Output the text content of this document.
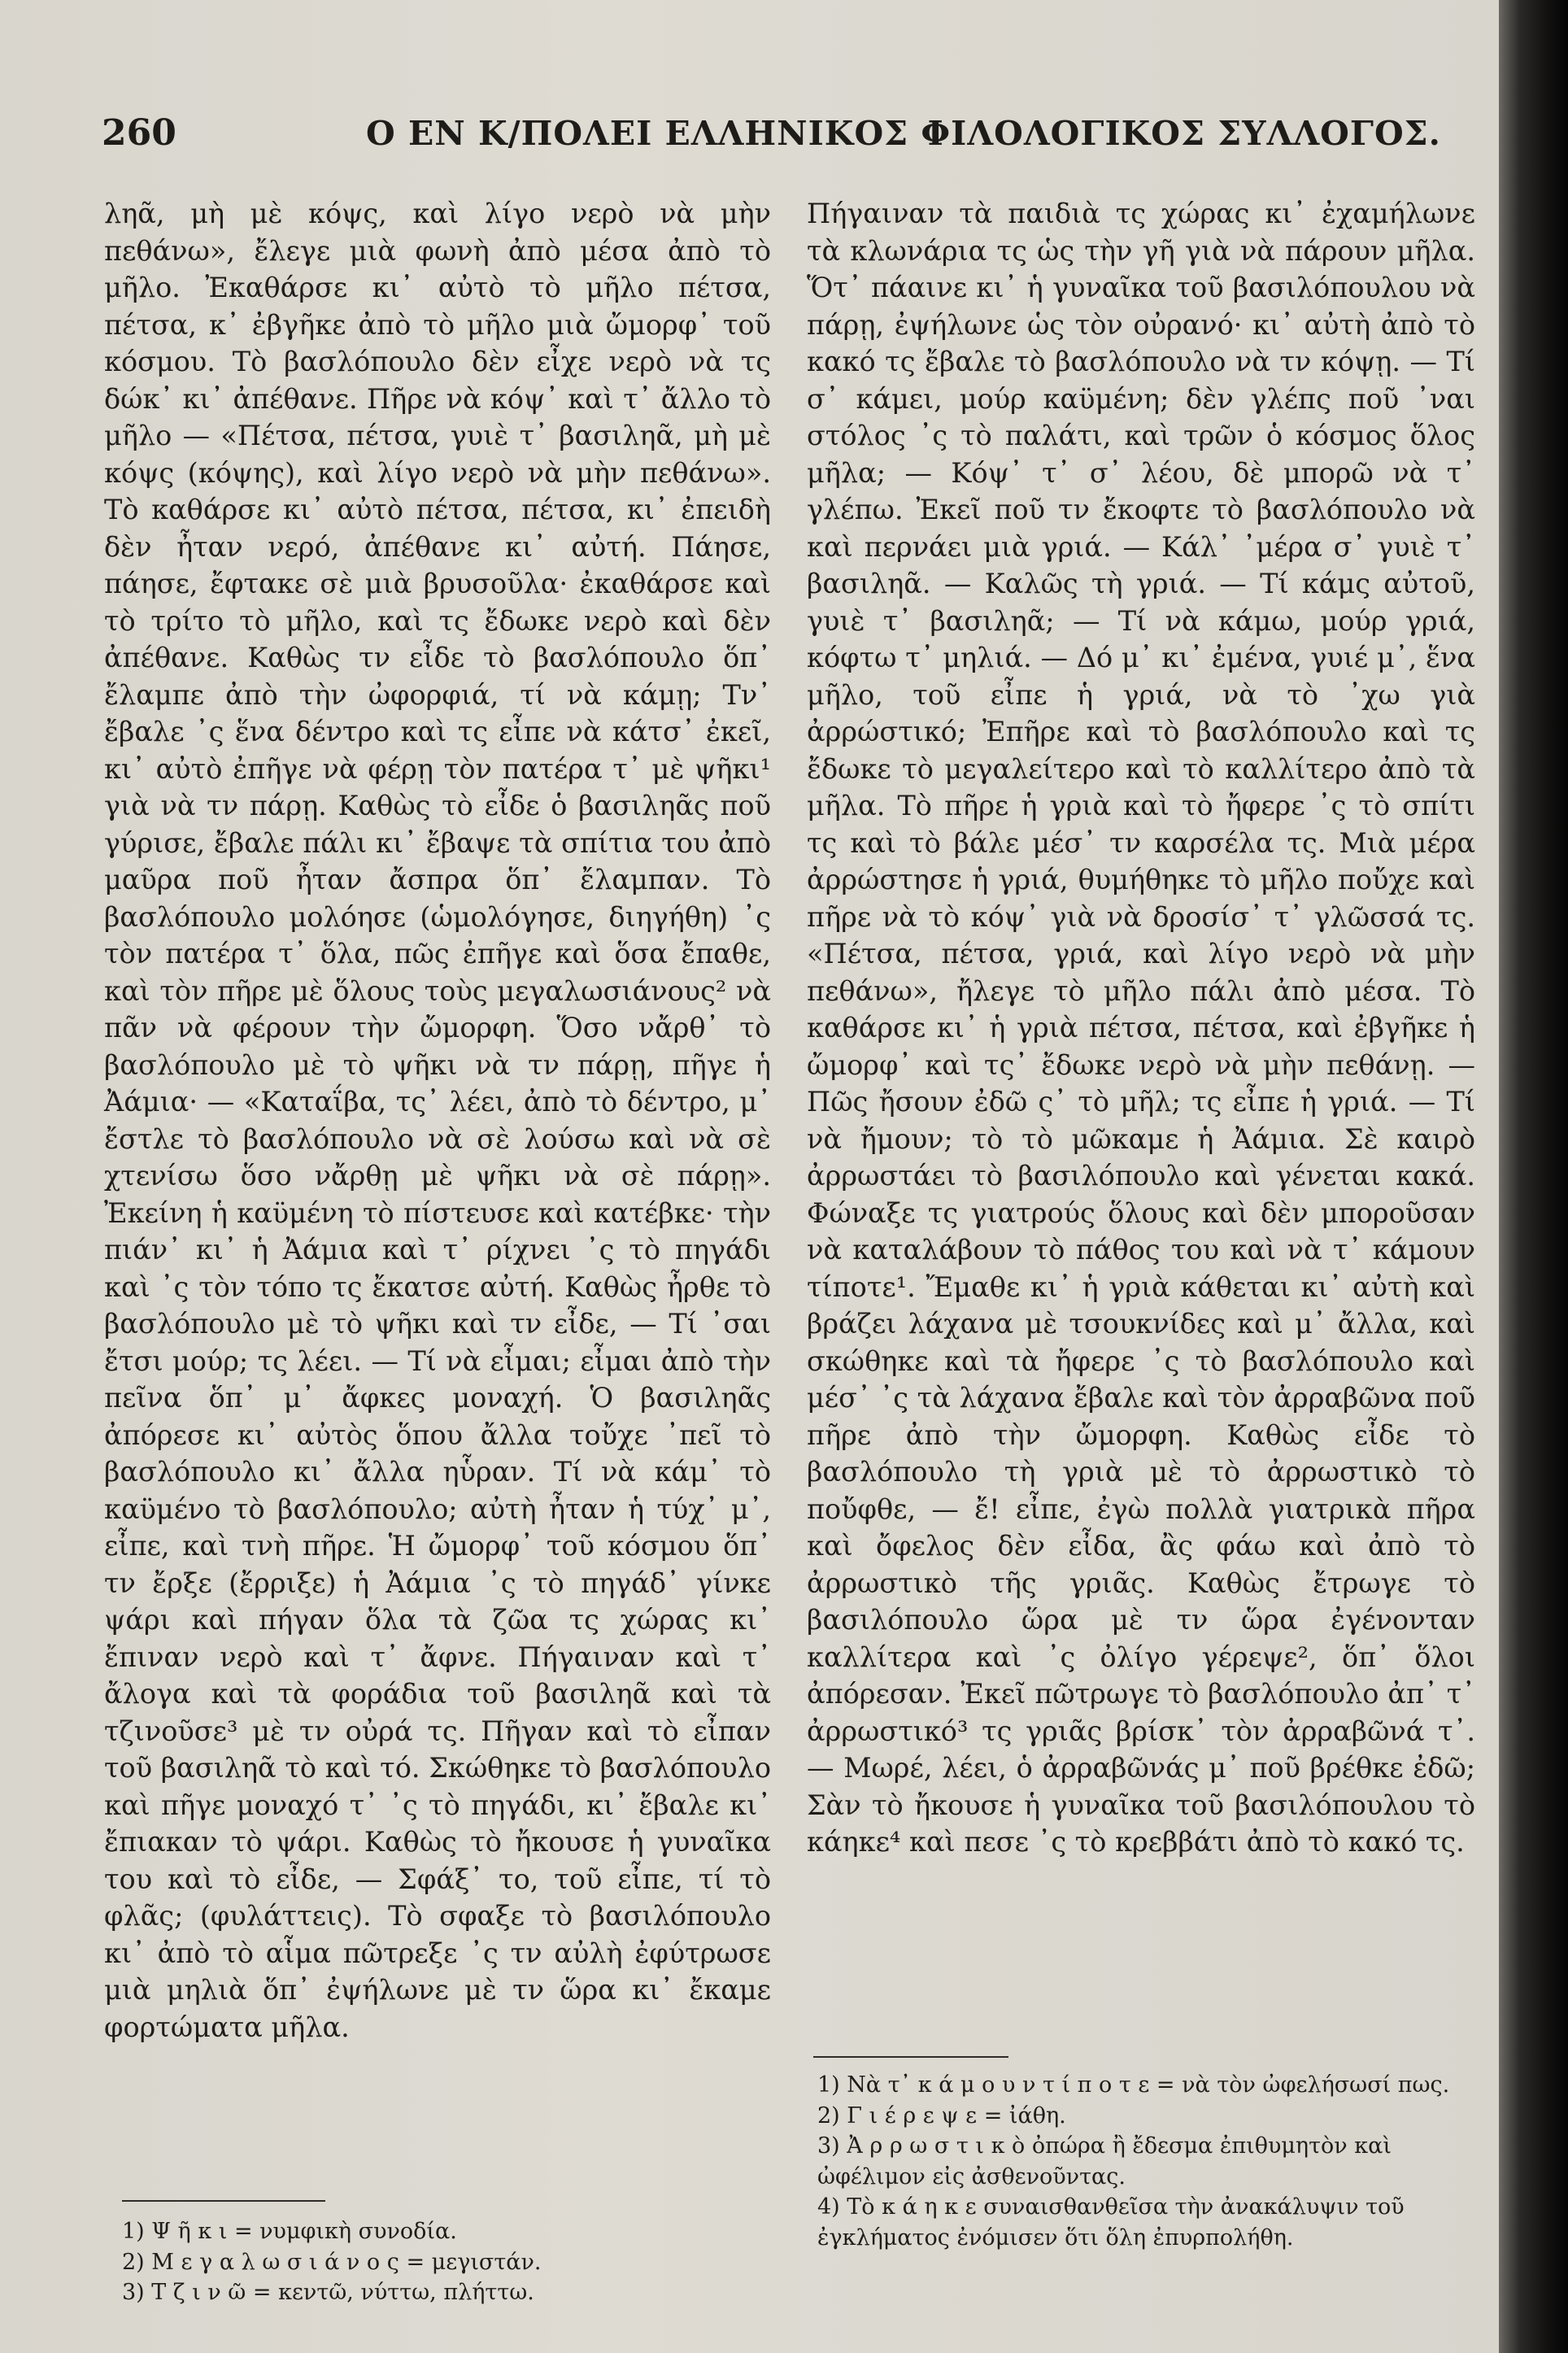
260	Ο ΕΝ Κ/ΠΟΛΕΙ ΕΛΛΗΝΙΚΟΣ ΦΙΛΟΛΟΓΙΚΟΣ ΣΥΛΛΟΓΟΣ.

ληᾶ, μὴ μὲ κόψς, καὶ λίγο νερὸ νὰ μὴν πεθάνω», ἔλεγε μιὰ φωνὴ ἀπὸ μέσα ἀπὸ τὸ μῆλο. Ἐκαθάρσε κι᾿ αὐτὸ τὸ μῆλο πέτσα, πέτσα, κ᾿ ἐβγῆκε ἀπὸ τὸ μῆλο μιὰ ὤμορφ᾿ τοῦ κόσμου. Τὸ βασλόπουλο δὲν εἶχε νερὸ νὰ τς δώκ᾿ κι᾿ ἀπέθανε. Πῆρε νὰ κόψ᾿ καὶ τ᾿ ἄλλο τὸ μῆλο — «Πέτσα, πέτσα, γυιὲ τ᾿ βασιληᾶ, μὴ μὲ κόψς (κόψης), καὶ λίγο νερὸ νὰ μὴν πεθάνω». Τὸ καθάρσε κι᾿ αὐτὸ πέτσα, πέτσα, κι᾿ ἐπειδὴ δὲν ἦταν νερό, ἀπέθανε κι᾿ αὐτή. Πάησε, πάησε, ἔφτακε σὲ μιὰ βρυσοῦλα· ἐκαθάρσε καὶ τὸ τρίτο τὸ μῆλο, καὶ τς ἔδωκε νερὸ καὶ δὲν ἀπέθανε. Καθὼς τν εἶδε τὸ βασλόπουλο ὅπ᾿ ἔλαμπε ἀπὸ τὴν ὠφορφιά, τί νὰ κάμῃ; Τν᾿ ἔβαλε ᾽ς ἕνα δέντρο καὶ τς εἶπε νὰ κάτσ᾿ ἐκεῖ, κι᾿ αὐτὸ ἐπῆγε νὰ φέρῃ τὸν πατέρα τ᾿ μὲ ψῆκι¹ γιὰ νὰ τν πάρῃ. Καθὼς τὸ εἶδε ὁ βασιληᾶς ποῦ γύρισε, ἔβαλε πάλι κι᾿ ἔβαψε τὰ σπίτια του ἀπὸ μαῦρα ποῦ ἦταν ἄσπρα ὅπ᾿ ἔλαμπαν. Τὸ βασλόπουλο μολόησε (ὡμολόγησε, διηγήθη) ᾽ς τὸν πατέρα τ᾿ ὅλα, πῶς ἐπῆγε καὶ ὅσα ἔπαθε, καὶ τὸν πῆρε μὲ ὅλους τοὺς μεγαλωσιάνους² νὰ πᾶν νὰ φέρουν τὴν ὤμορφη. Ὅσο νἄρθ᾿ τὸ βασλόπουλο μὲ τὸ ψῆκι νὰ τν πάρῃ, πῆγε ἡ Ἀάμια· — «Καταΐβα, τς᾿ λέει, ἀπὸ τὸ δέντρο, μ᾿ ἔστλε τὸ βασλόπουλο νὰ σὲ λούσω καὶ νὰ σὲ χτενίσω ὅσο νἄρθῃ μὲ ψῆκι νὰ σὲ πάρῃ». Ἐκείνη ἡ καϋμένη τὸ πίστευσε καὶ κατέβκε· τὴν πιάν᾿ κι᾿ ἡ Ἀάμια καὶ τ᾿ ρίχνει ᾽ς τὸ πηγάδι καὶ ᾽ς τὸν τόπο τς ἔκατσε αὐτή. Καθὼς ἦρθε τὸ βασλόπουλο μὲ τὸ ψῆκι καὶ τν εἶδε, — Τί ᾽σαι ἔτσι μούρ; τς λέει. — Τί νὰ εἶμαι; εἶμαι ἀπὸ τὴν πεῖνα ὅπ᾿ μ᾿ ἄφκες μοναχή. Ὁ βασιληᾶς ἀπόρεσε κι᾿ αὐτὸς ὅπου ἄλλα τοὔχε ᾽πεῖ τὸ βασλόπουλο κι᾿ ἄλλα ηὗραν. Τί νὰ κάμ᾿ τὸ καϋμένο τὸ βασλόπουλο; αὐτὴ ἦταν ἡ τύχ᾿ μ᾿, εἶπε, καὶ τνὴ πῆρε. Ἡ ὤμορφ᾿ τοῦ κόσμου ὅπ᾿ τν ἔρξε (ἔρριξε) ἡ Ἀάμια ᾽ς τὸ πηγάδ᾿ γίνκε ψάρι καὶ πήγαν ὅλα τὰ ζῶα τς χώρας κι᾿ ἔπιναν νερὸ καὶ τ᾿ ἄφνε. Πήγαιναν καὶ τ᾿ ἄλογα καὶ τὰ φοράδια τοῦ βασιληᾶ καὶ τὰ τζινοῦσε³ μὲ τν οὐρά τς. Πῆγαν καὶ τὸ εἶπαν τοῦ βασιληᾶ τὸ καὶ τό. Σκώθηκε τὸ βασλόπουλο καὶ πῆγε μοναχό τ᾿ ᾽ς τὸ πηγάδι, κι᾿ ἔβαλε κι᾿ ἔπιακαν τὸ ψάρι. Καθὼς τὸ ἤκουσε ἡ γυναῖκα του καὶ τὸ εἶδε, — Σφάξ᾿ το, τοῦ εἶπε, τί τὸ φλᾶς; (φυλάττεις). Τὸ σφαξε τὸ βασιλόπουλο κι᾿ ἀπὸ τὸ αἷμα πῶτρεξε ᾽ς τν αὐλὴ ἐφύτρωσε μιὰ μηλιὰ ὅπ᾿ ἐψήλωνε μὲ τν ὥρα κι᾿ ἔκαμε φορτώματα μῆλα.

Πήγαιναν τὰ παιδιὰ τς χώρας κι᾿ ἐχαμήλωνε τὰ κλωνάρια τς ὡς τὴν γῆ γιὰ νὰ πάρουν μῆλα. Ὅτ᾿ πάαινε κι᾿ ἡ γυναῖκα τοῦ βασιλόπουλου νὰ πάρῃ, ἐψήλωνε ὡς τὸν οὐρανό· κι᾿ αὐτὴ ἀπὸ τὸ κακό τς ἔβαλε τὸ βασλόπουλο νὰ τν κόψῃ. — Τί σ᾿ κάμει, μούρ καϋμένη; δὲν γλέπς ποῦ ᾽ναι στόλος ᾽ς τὸ παλάτι, καὶ τρῶν ὁ κόσμος ὅλος μῆλα; — Κόψ᾿ τ᾿ σ᾿ λέου, δὲ μπορῶ νὰ τ᾿ γλέπω. Ἐκεῖ ποῦ τν ἔκοφτε τὸ βασλόπουλο νὰ καὶ περνάει μιὰ γριά. — Κάλ᾿ ᾽μέρα σ᾿ γυιὲ τ᾿ βασιληᾶ. — Καλῶς τὴ γριά. — Τί κάμς αὐτοῦ, γυιὲ τ᾿ βασιληᾶ; — Τί νὰ κάμω, μούρ γριά, κόφτω τ᾿ μηλιά. — Δό μ᾿ κι᾿ ἐμένα, γυιέ μ᾿, ἕνα μῆλο, τοῦ εἶπε ἡ γριά, νὰ τὸ ᾽χω γιὰ ἀρρώστικό; Ἐπῆρε καὶ τὸ βασλόπουλο καὶ τς ἔδωκε τὸ μεγαλείτερο καὶ τὸ καλλίτερο ἀπὸ τὰ μῆλα. Τὸ πῆρε ἡ γριὰ καὶ τὸ ἤφερε ᾽ς τὸ σπίτι τς καὶ τὸ βάλε μέσ᾿ τν καρσέλα τς. Μιὰ μέρα ἀρρώστησε ἡ γριά, θυμήθηκε τὸ μῆλο ποὔχε καὶ πῆρε νὰ τὸ κόψ᾿ γιὰ νὰ δροσίσ᾿ τ᾿ γλῶσσά τς. «Πέτσα, πέτσα, γριά, καὶ λίγο νερὸ νὰ μὴν πεθάνω», ἤλεγε τὸ μῆλο πάλι ἀπὸ μέσα. Τὸ καθάρσε κι᾿ ἡ γριὰ πέτσα, πέτσα, καὶ ἐβγῆκε ἡ ὤμορφ᾿ καὶ τς᾿ ἔδωκε νερὸ νὰ μὴν πεθάνῃ. — Πῶς ἤσουν ἐδῶ ς᾿ τὸ μῆλ; τς εἶπε ἡ γριά. — Τί νὰ ἤμουν; τὸ τὸ μῶκαμε ἡ Ἀάμια. Σὲ καιρὸ ἀρρωστάει τὸ βασιλόπουλο καὶ γένεται κακά. Φώναξε τς γιατρούς ὅλους καὶ δὲν μποροῦσαν νὰ καταλάβουν τὸ πάθος του καὶ νὰ τ᾿ κάμουν τίποτε¹. Ἔμαθε κι᾿ ἡ γριὰ κάθεται κι᾿ αὐτὴ καὶ βράζει λάχανα μὲ τσουκνίδες καὶ μ᾿ ἄλλα, καὶ σκώθηκε καὶ τὰ ἤφερε ᾽ς τὸ βασλόπουλο καὶ μέσ᾿ ᾽ς τὰ λάχανα ἔβαλε καὶ τὸν ἀρραβῶνα ποῦ πῆρε ἀπὸ τὴν ὤμορφη. Καθὼς εἶδε τὸ βασλόπουλο τὴ γριὰ μὲ τὸ ἀρρωστικὸ τὸ ποὔφθε, — ἔ! εἶπε, ἐγὼ πολλὰ γιατρικὰ πῆρα καὶ ὄφελος δὲν εἶδα, ἂς φάω καὶ ἀπὸ τὸ ἀρρωστικὸ τῆς γριᾶς. Καθὼς ἔτρωγε τὸ βασιλόπουλο ὥρα μὲ τν ὥρα ἐγένονταν καλλίτερα καὶ ᾽ς ὀλίγο γέρεψε², ὅπ᾿ ὅλοι ἀπόρεσαν. Ἐκεῖ πῶτρωγε τὸ βασλόπουλο ἀπ᾿ τ᾿ ἀρρωστικό³ τς γριᾶς βρίσκ᾿ τὸν ἀρραβῶνά τ᾿. — Μωρέ, λέει, ὁ ἀρραβῶνάς μ᾿ ποῦ βρέθκε ἐδῶ; Σὰν τὸ ἤκουσε ἡ γυναῖκα τοῦ βασιλόπουλου τὸ κάηκε⁴ καὶ πεσε ᾽ς τὸ κρεββάτι ἀπὸ τὸ κακό τς.

1) Ψ ῆ κ ι = νυμφικὴ συνοδία.

2) Μ ε γ α λ ω σ ι ά ν ο ς = μεγιστάν.

3) Τ ζ ι ν ῶ = κεντῶ, νύττω, πλήττω.

1) Νὰ τ᾿ κ ά μ ο υ ν τ ί π ο τ ε = νὰ τὸν ὠφελήσωσί πως.

2) Γ ι έ ρ ε ψ ε = ἰάθη.

3) Ἀ ρ ρ ω σ τ ι κ ὸ ὀπώρα ἢ ἔδεσμα ἐπιθυμητὸν καὶ ὠφέλιμον εἰς ἀσθενοῦντας.

4) Τὸ κ ά η κ ε συναισθανθεῖσα τὴν ἀνακάλυψιν τοῦ ἐγκλήματος ἐνόμισεν ὅτι ὅλη ἐπυρπολήθη.
